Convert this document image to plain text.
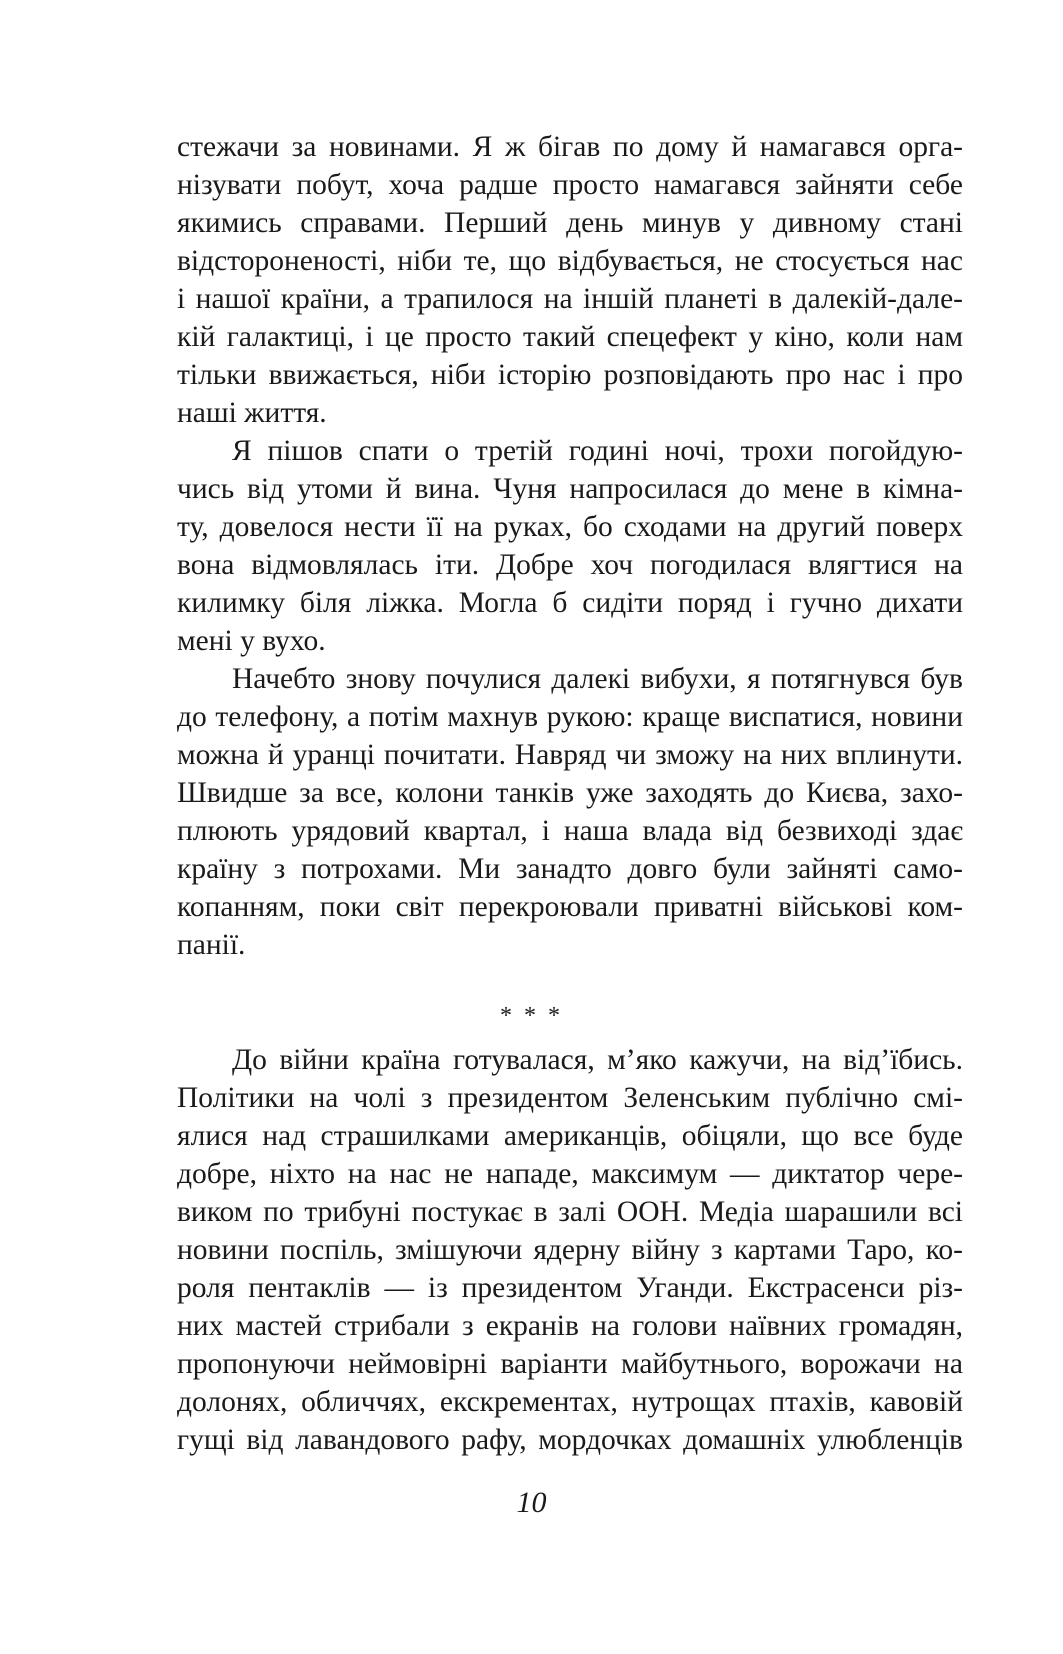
стежачи за новинами. Я ж бігав по дому й намагався орга-
нізувати побут, хоча радше просто намагався зайняти себе
якимись справами. Перший день минув у дивному стані
відстороненості, ніби те, що відбувається, не стосується нас
і нашої країни, а трапилося на іншій планеті в далекій-дале-
кій галактиці, і це просто такий спецефект у кіно, коли нам
тільки ввижається, ніби історію розповідають про нас і про
наші життя.
Я пішов спати о третій годині ночі, трохи погойдую-
чись від утоми й вина. Чуня напросилася до мене в кімна-
ту, довелося нести її на руках, бо сходами на другий поверх
вона відмовлялась іти. Добре хоч погодилася влягтися на
килимку біля ліжка. Могла б сидіти поряд і гучно дихати
мені у вухо.
Начебто знову почулися далекі вибухи, я потягнувся був
до телефону, а потім махнув рукою: краще виспатися, новини
можна й уранці почитати. Навряд чи зможу на них вплинути.
Швидше за все, колони танків уже заходять до Києва, захо-
плюють урядовий квартал, і наша влада від безвиході здає
країну з потрохами. Ми занадто довго були зайняті само-
копанням, поки світ перекроювали приватні військові ком-
панії.
* * *
До війни країна готувалася, м’яко кажучи, на від’їбись.
Політики на чолі з президентом Зеленським публічно смі-
ялися над страшилками американців, обіцяли, що все буде
добре, ніхто на нас не нападе, максимум — диктатор чере-
виком по трибуні постукає в залі ООН. Медіа шарашили всі
новини поспіль, змішуючи ядерну війну з картами Таро, ко-
роля пентаклів — із президентом Уганди. Екстрасенси різ-
них мастей стрибали з екранів на голови наївних громадян,
пропонуючи неймовірні варіанти майбутнього, ворожачи на
долонях, обличчях, екскрементах, нутрощах птахів, кавовій
гущі від лавандового рафу, мордочках домашніх улюбленців
10
